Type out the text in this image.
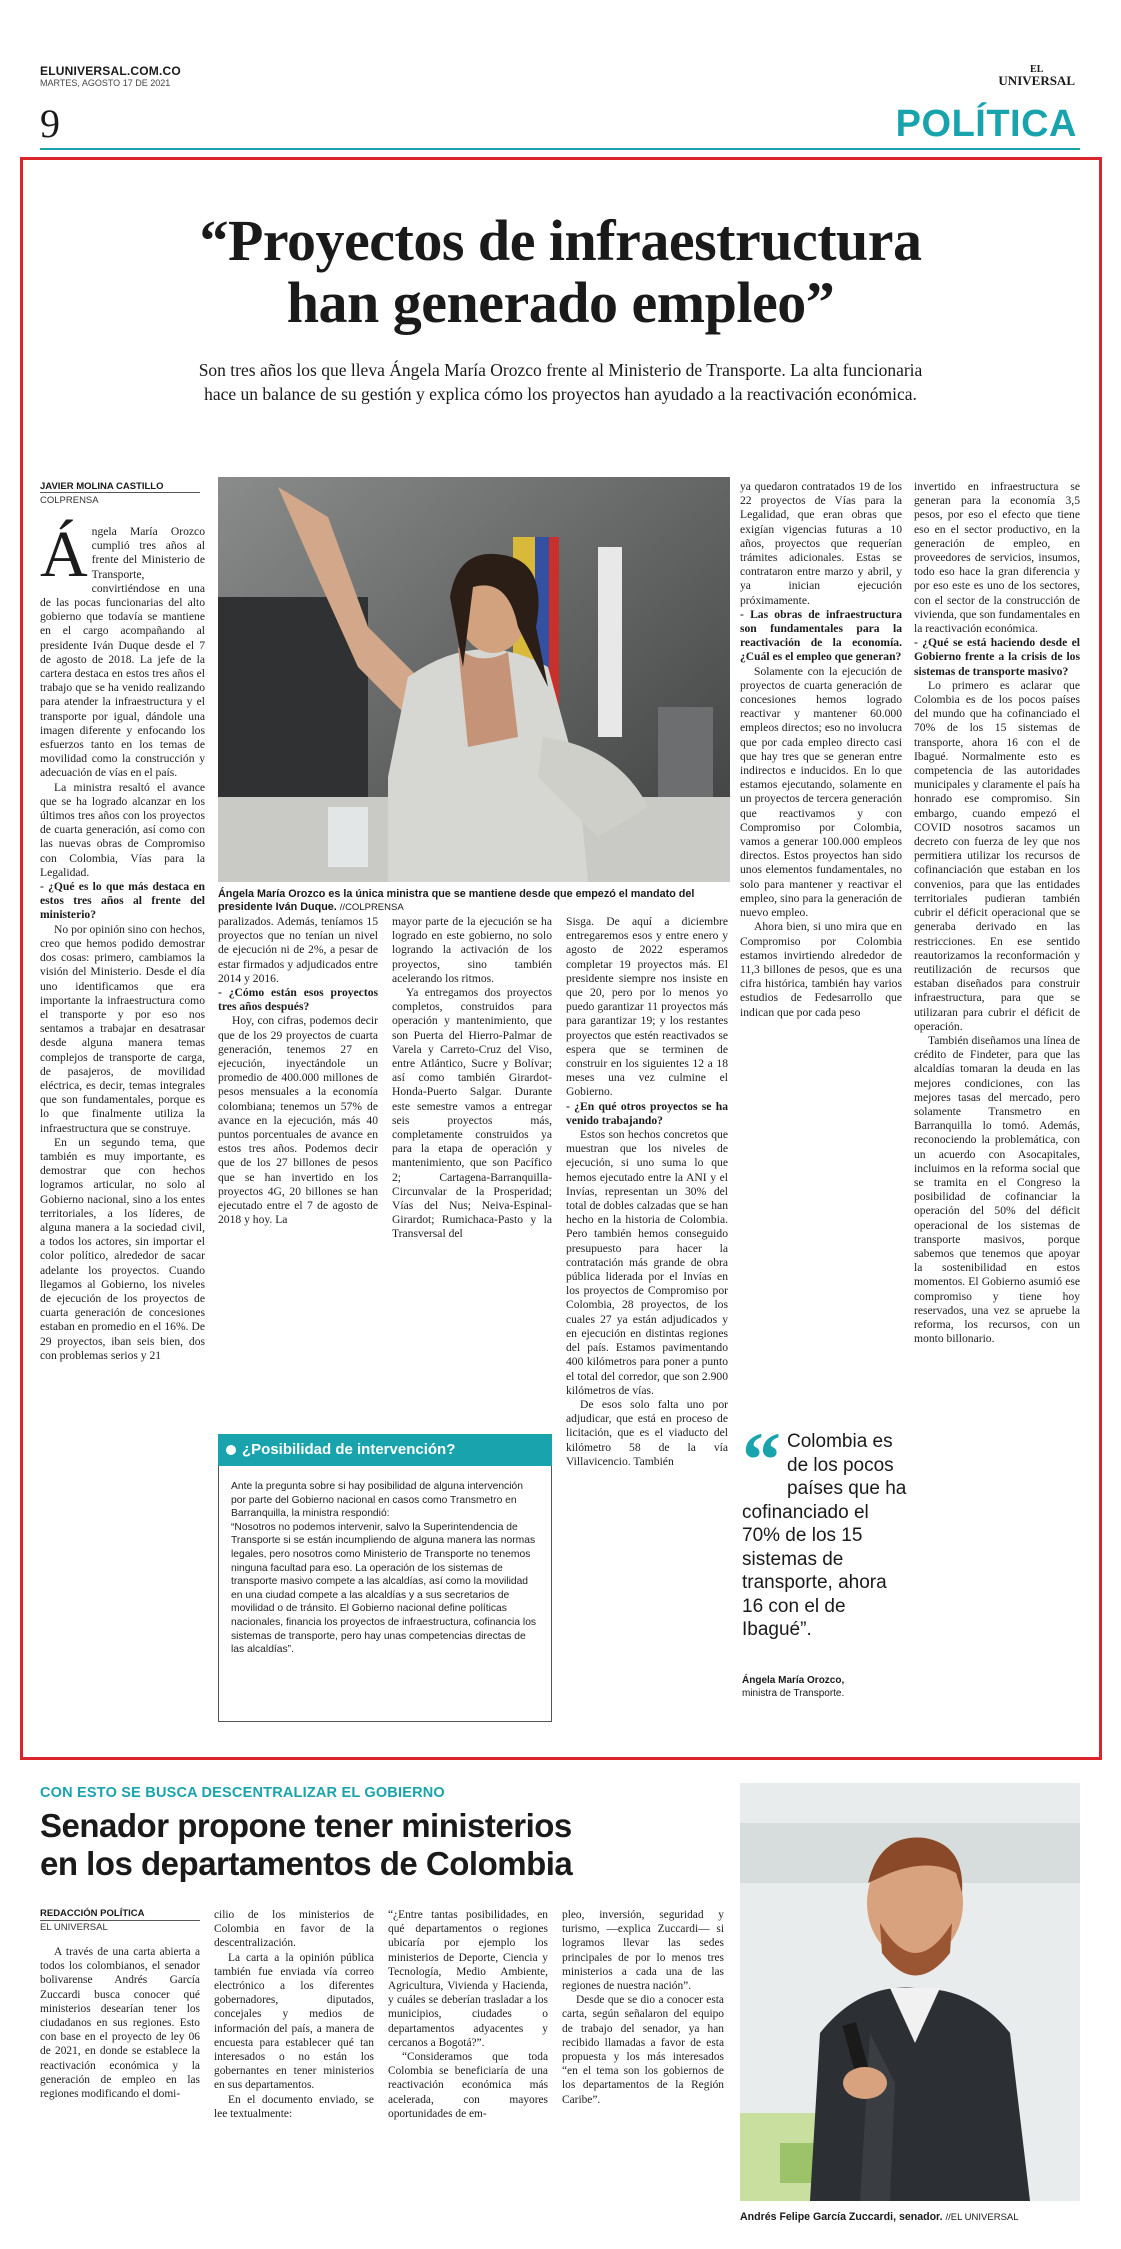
ELUNIVERSAL.COM.CO
MARTES, AGOSTO 17 DE 2021
EL
UNIVERSAL
9	POLÍTICA
“Proyectos de infraestructura
han generado empleo”
Son tres años los que lleva Ángela María Orozco frente al Ministerio de Transporte. La alta funcionaria
hace un balance de su gestión y explica cómo los proyectos han ayudado a la reactivación económica.
JAVIER MOLINA CASTILLO
COLPRENSA
Ángela María Orozco es la única ministra que se mantiene desde que empezó el mandato del presidente Iván Duque. //COLPRENSA

Ángela María Orozco cumplió tres años al frente del Ministerio de Transporte, convirtiéndose en una de las pocas funcionarias del alto gobierno que todavía se mantiene en el cargo acompañando al presidente Iván Duque desde el 7 de agosto de 2018. La jefe de la cartera destaca en estos tres años el trabajo que se ha venido realizando para atender la infraestructura y el transporte por igual, dándole una imagen diferente y enfocando los esfuerzos tanto en los temas de movilidad como la construcción y adecuación de vías en el país.

La ministra resaltó el avance que se ha logrado alcanzar en los últimos tres años con los proyectos de cuarta generación, así como con las nuevas obras de Compromiso con Colombia, Vías para la Legalidad.

- ¿Qué es lo que más destaca en estos tres años al frente del ministerio?

No por opinión sino con hechos, creo que hemos podido demostrar dos cosas: primero, cambiamos la visión del Ministerio. Desde el día uno identificamos que era importante la infraestructura como el transporte y por eso nos sentamos a trabajar en desatrasar desde alguna manera temas complejos de transporte de carga, de pasajeros, de movilidad eléctrica, es decir, temas integrales que son fundamentales, porque es lo que finalmente utiliza la infraestructura que se construye.

En un segundo tema, que también es muy importante, es demostrar que con hechos logramos articular, no solo al Gobierno nacional, sino a los entes territoriales, a los líderes, de alguna manera a la sociedad civil, a todos los actores, sin importar el color político, alrededor de sacar adelante los proyectos. Cuando llegamos al Gobierno, los niveles de ejecución de los proyectos de cuarta generación de concesiones estaban en promedio en el 16%. De 29 proyectos, iban seis bien, dos con problemas serios y 21

paralizados. Además, teníamos 15 proyectos que no tenían un nivel de ejecución ni de 2%, a pesar de estar firmados y adjudicados entre 2014 y 2016.

- ¿Cómo están esos proyectos tres años después?

Hoy, con cifras, podemos decir que de los 29 proyectos de cuarta generación, tenemos 27 en ejecución, inyectándole un promedio de 400.000 millones de pesos mensuales a la economía colombiana; tenemos un 57% de avance en la ejecución, más 40 puntos porcentuales de avance en estos tres años. Podemos decir que de los 27 billones de pesos que se han invertido en los proyectos 4G, 20 billones se han ejecutado entre el 7 de agosto de 2018 y hoy. La

mayor parte de la ejecución se ha logrado en este gobierno, no solo logrando la activación de los proyectos, sino también acelerando los ritmos.

Ya entregamos dos proyectos completos, construidos para operación y mantenimiento, que son Puerta del Hierro-Palmar de Varela y Carreto-Cruz del Viso, entre Atlántico, Sucre y Bolívar; así como también Girardot-Honda-Puerto Salgar. Durante este semestre vamos a entregar seis proyectos más, completamente construidos ya para la etapa de operación y mantenimiento, que son Pacífico 2; Cartagena-Barranquilla-Circunvalar de la Prosperidad; Vías del Nus; Neiva-Espinal-Girardot; Rumichaca-Pasto y la Transversal del

¿Posibilidad de intervención?

Ante la pregunta sobre si hay posibilidad de alguna intervención por parte del Gobierno nacional en casos como Transmetro en Barranquilla, la ministra respondió:

“Nosotros no podemos intervenir, salvo la Superintendencia de Transporte si se están incumpliendo de alguna manera las normas legales, pero nosotros como Ministerio de Transporte no tenemos ninguna facultad para eso. La operación de los sistemas de transporte masivo compete a las alcaldías, así como la movilidad en una ciudad compete a las alcaldías y a sus secretarios de movilidad o de tránsito. El Gobierno nacional define políticas nacionales, financia los proyectos de infraestructura, cofinancia los sistemas de transporte, pero hay unas competencias directas de las alcaldías”.

Sisga. De aquí a diciembre entregaremos esos y entre enero y agosto de 2022 esperamos completar 19 proyectos más. El presidente siempre nos insiste en que 20, pero por lo menos yo puedo garantizar 11 proyectos más para garantizar 19; y los restantes proyectos que estén reactivados se espera que se terminen de construir en los siguientes 12 a 18 meses una vez culmine el Gobierno.

- ¿En qué otros proyectos se ha venido trabajando?

Estos son hechos concretos que muestran que los niveles de ejecución, si uno suma lo que hemos ejecutado entre la ANI y el Invías, representan un 30% del total de dobles calzadas que se han hecho en la historia de Colombia. Pero también hemos conseguido presupuesto para hacer la contratación más grande de obra pública liderada por el Invías en los proyectos de Compromiso por Colombia, 28 proyectos, de los cuales 27 ya están adjudicados y en ejecución en distintas regiones del país. Estamos pavimentando 400 kilómetros para poner a punto el total del corredor, que son 2.900 kilómetros de vías.

De esos solo falta uno por adjudicar, que está en proceso de licitación, que es el viaducto del kilómetro 58 de la vía Villavicencio. También

ya quedaron contratados 19 de los 22 proyectos de Vías para la Legalidad, que eran obras que exigían vigencias futuras a 10 años, proyectos que requerían trámites adicionales. Estas se contrataron entre marzo y abril, y ya inician ejecución próximamente.

- Las obras de infraestructura son fundamentales para la reactivación de la economía. ¿Cuál es el empleo que generan?

Solamente con la ejecución de proyectos de cuarta generación de concesiones hemos logrado reactivar y mantener 60.000 empleos directos; eso no involucra que por cada empleo directo casi que hay tres que se generan entre indirectos e inducidos. En lo que estamos ejecutando, solamente en un proyectos de tercera generación que reactivamos y con Compromiso por Colombia, vamos a generar 100.000 empleos directos. Estos proyectos han sido unos elementos fundamentales, no solo para mantener y reactivar el empleo, sino para la generación de nuevo empleo.

Ahora bien, si uno mira que en Compromiso por Colombia estamos invirtiendo alrededor de 11,3 billones de pesos, que es una cifra histórica, también hay varios estudios de Fedesarrollo que indican que por cada peso

“ Colombia es de los pocos países que ha cofinanciado el 70% de los 15 sistemas de transporte, ahora 16 con el de Ibagué”.
Ángela María Orozco,
ministra de Transporte.

invertido en infraestructura se generan para la economía 3,5 pesos, por eso el efecto que tiene eso en el sector productivo, en la generación de empleo, en proveedores de servicios, insumos, todo eso hace la gran diferencia y por eso este es uno de los sectores, con el sector de la construcción de vivienda, que son fundamentales en la reactivación económica.

- ¿Qué se está haciendo desde el Gobierno frente a la crisis de los sistemas de transporte masivo?

Lo primero es aclarar que Colombia es de los pocos países del mundo que ha cofinanciado el 70% de los 15 sistemas de transporte, ahora 16 con el de Ibagué. Normalmente esto es competencia de las autoridades municipales y claramente el país ha honrado ese compromiso. Sin embargo, cuando empezó el COVID nosotros sacamos un decreto con fuerza de ley que nos permitiera utilizar los recursos de cofinanciación que estaban en los convenios, para que las entidades territoriales pudieran también cubrir el déficit operacional que se generaba derivado en las restricciones. En ese sentido reautorizamos la reconformación y reutilización de recursos que estaban diseñados para construir infraestructura, para que se utilizaran para cubrir el déficit de operación.

También diseñamos una línea de crédito de Findeter, para que las alcaldías tomaran la deuda en las mejores condiciones, con las mejores tasas del mercado, pero solamente Transmetro en Barranquilla lo tomó. Además, reconociendo la problemática, con un acuerdo con Asocapitales, incluimos en la reforma social que se tramita en el Congreso la posibilidad de cofinanciar la operación del 50% del déficit operacional de los sistemas de transporte masivos, porque sabemos que tenemos que apoyar la sostenibilidad en estos momentos. El Gobierno asumió ese compromiso y tiene hoy reservados, una vez se apruebe la reforma, los recursos, con un monto billonario.

CON ESTO SE BUSCA DESCENTRALIZAR EL GOBIERNO
Senador propone tener ministerios
en los departamentos de Colombia
REDACCIÓN POLÍTICA
EL UNIVERSAL

A través de una carta abierta a todos los colombianos, el senador bolivarense Andrés García Zuccardi busca conocer qué ministerios desearían tener los ciudadanos en sus regiones. Esto con base en el proyecto de ley 06 de 2021, en donde se establece la reactivación económica y la generación de empleo en las regiones modificando el domi-

cilio de los ministerios de Colombia en favor de la descentralización.

La carta a la opinión pública también fue enviada vía correo electrónico a los diferentes gobernadores, diputados, concejales y medios de información del país, a manera de encuesta para establecer qué tan interesados o no están los gobernantes en tener ministerios en sus departamentos.

En el documento enviado, se lee textualmente:

“¿Entre tantas posibilidades, en qué departamentos o regiones ubicaría por ejemplo los ministerios de Deporte, Ciencia y Tecnología, Medio Ambiente, Agricultura, Vivienda y Hacienda, y cuáles se deberían trasladar a los municipios, ciudades o departamentos adyacentes y cercanos a Bogotá?”.

“Consideramos que toda Colombia se beneficiaría de una reactivación económica más acelerada, con mayores oportunidades de em-

pleo, inversión, seguridad y turismo, —explica Zuccardi— si logramos llevar las sedes principales de por lo menos tres ministerios a cada una de las regiones de nuestra nación”.

Desde que se dio a conocer esta carta, según señalaron del equipo de trabajo del senador, ya han recibido llamadas a favor de esta propuesta y los más interesados “en el tema son los gobiernos de los departamentos de la Región Caribe”.

Andrés Felipe García Zuccardi, senador. //EL UNIVERSAL
